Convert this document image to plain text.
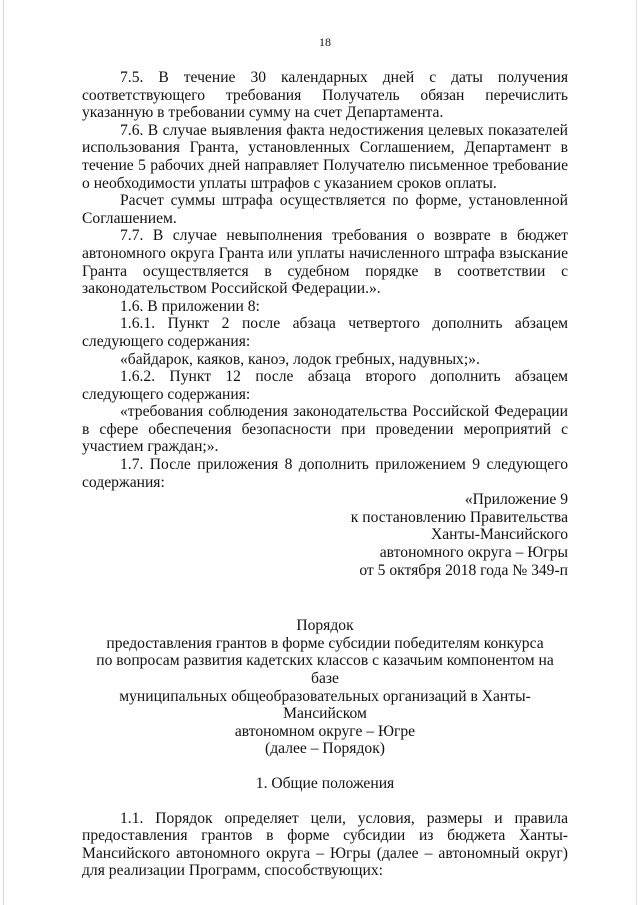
18

7.5. В течение 30 календарных дней с даты получения соответствующего требования Получатель обязан перечислить указанную в требовании сумму на счет Департамента.

7.6. В случае выявления факта недостижения целевых показателей использования Гранта, установленных Соглашением, Департамент в течение 5 рабочих дней направляет Получателю письменное требование о необходимости уплаты штрафов с указанием сроков оплаты.

Расчет суммы штрафа осуществляется по форме, установленной Соглашением.

7.7. В случае невыполнения требования о возврате в бюджет автономного округа Гранта или уплаты начисленного штрафа взыскание Гранта осуществляется в судебном порядке в соответствии с законодательством Российской Федерации.».

1.6. В приложении 8:

1.6.1. Пункт 2 после абзаца четвертого дополнить абзацем следующего содержания:

«байдарок, каяков, каноэ, лодок гребных, надувных;».

1.6.2. Пункт 12 после абзаца второго дополнить абзацем следующего содержания:

«требования соблюдения законодательства Российской Федерации в сфере обеспечения безопасности при проведении мероприятий с участием граждан;».

1.7. После приложения 8 дополнить приложением 9 следующего содержания:

«Приложение 9
к постановлению Правительства
Ханты-Мансийского
автономного округа – Югры
от 5 октября 2018 года № 349-п
Порядок
предоставления грантов в форме субсидии победителям конкурса
по вопросам развития кадетских классов с казачьим компонентом на базе
муниципальных общеобразовательных организаций в Ханты-Мансийском
автономном округе – Югре
(далее – Порядок)
1. Общие положения

1.1. Порядок определяет цели, условия, размеры и правила предоставления грантов в форме субсидии из бюджета Ханты-Мансийского автономного округа – Югры (далее – автономный округ) для реализации Программ, способствующих:
